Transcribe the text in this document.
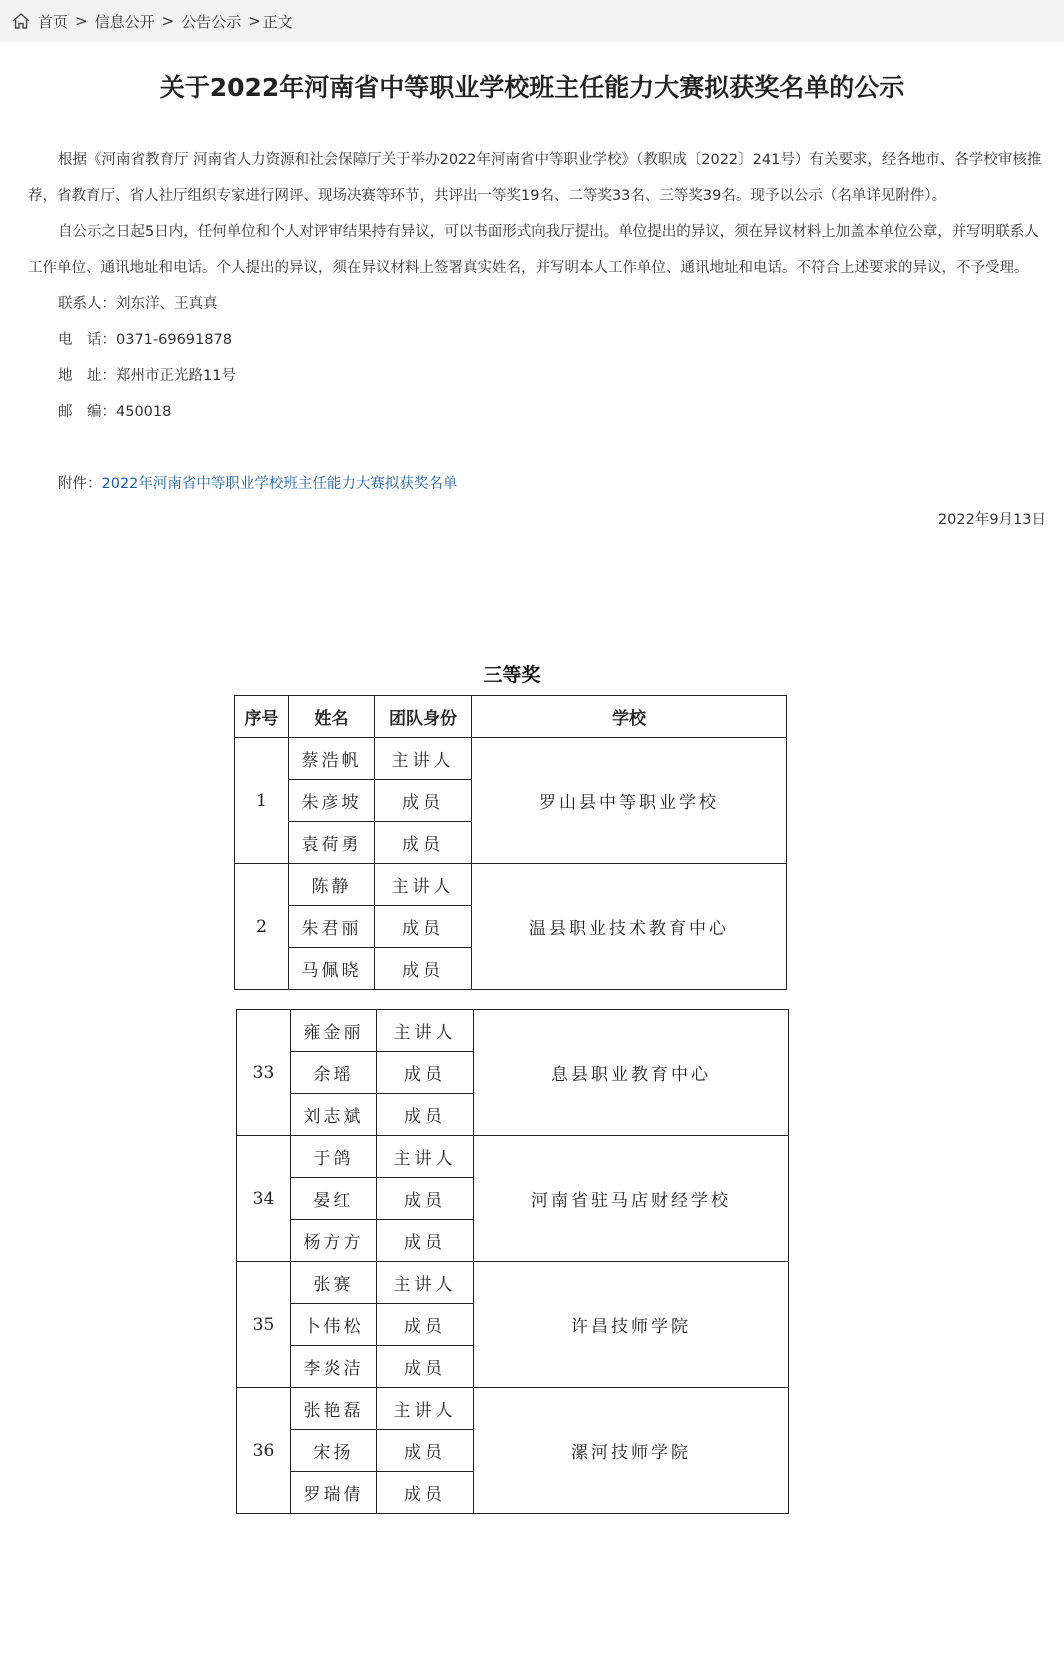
首页 > 信息公开 > 公告公示 > 正文
关于2022年河南省中等职业学校班主任能力大赛拟获奖名单的公示

根据《河南省教育厅 河南省人力资源和社会保障厅关于举办2022年河南省中等职业学校》（教职成〔2022〕241号）有关要求，经各地市、各学校审核推荐，省教育厅、省人社厅组织专家进行网评、现场决赛等环节，共评出一等奖19名、二等奖33名、三等奖39名。现予以公示（名单详见附件）。

自公示之日起5日内，任何单位和个人对评审结果持有异议，可以书面形式向我厅提出。单位提出的异议，须在异议材料上加盖本单位公章，并写明联系人工作单位、通讯地址和电话。个人提出的异议，须在异议材料上签署真实姓名，并写明本人工作单位、通讯地址和电话。不符合上述要求的异议，不予受理。

联系人：刘东洋、王真真
电　话：0371-69691878
地　址：郑州市正光路11号
邮　编：450018
附件：2022年河南省中等职业学校班主任能力大赛拟获奖名单
2022年9月13日
三等奖
序号	姓名	团队身份	学校
1	蔡浩帆	主讲人	罗山县中等职业学校
	朱彦坡	成员	
	袁荷勇	成员	
2	陈静	主讲人	温县职业技术教育中心
	朱君丽	成员	
	马佩晓	成员	
33	雍金丽	主讲人	息县职业教育中心
	余瑶	成员	
	刘志斌	成员	
34	于鸽	主讲人	河南省驻马店财经学校
	晏红	成员	
	杨方方	成员	
35	张赛	主讲人	许昌技师学院
	卜伟松	成员	
	李炎洁	成员	
36	张艳磊	主讲人	漯河技师学院
	宋扬	成员	
	罗瑞倩	成员	
